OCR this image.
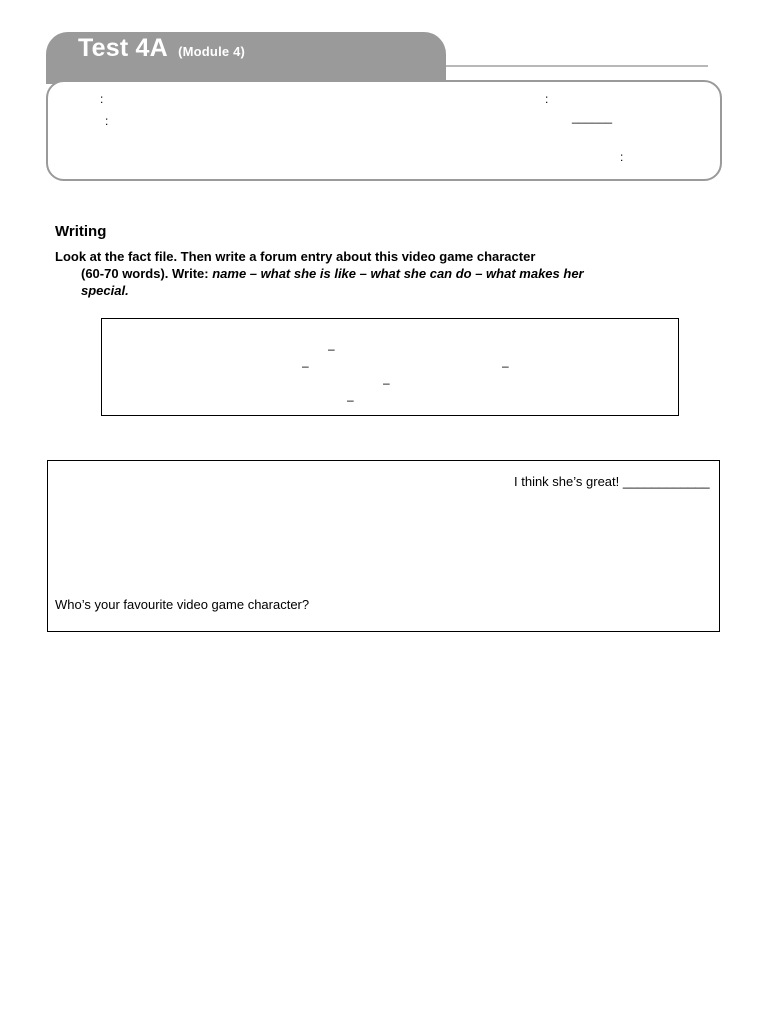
Test 4A (Module 4)
:
:
:
______
:
Writing
Look at the fact file. Then write a forum entry about this video game character
(60-70 words). Write: name – what she is like – what she can do – what makes her
special.
–
–	–
–
–
I think she’s great! ____________
Who’s your favourite video game character?
